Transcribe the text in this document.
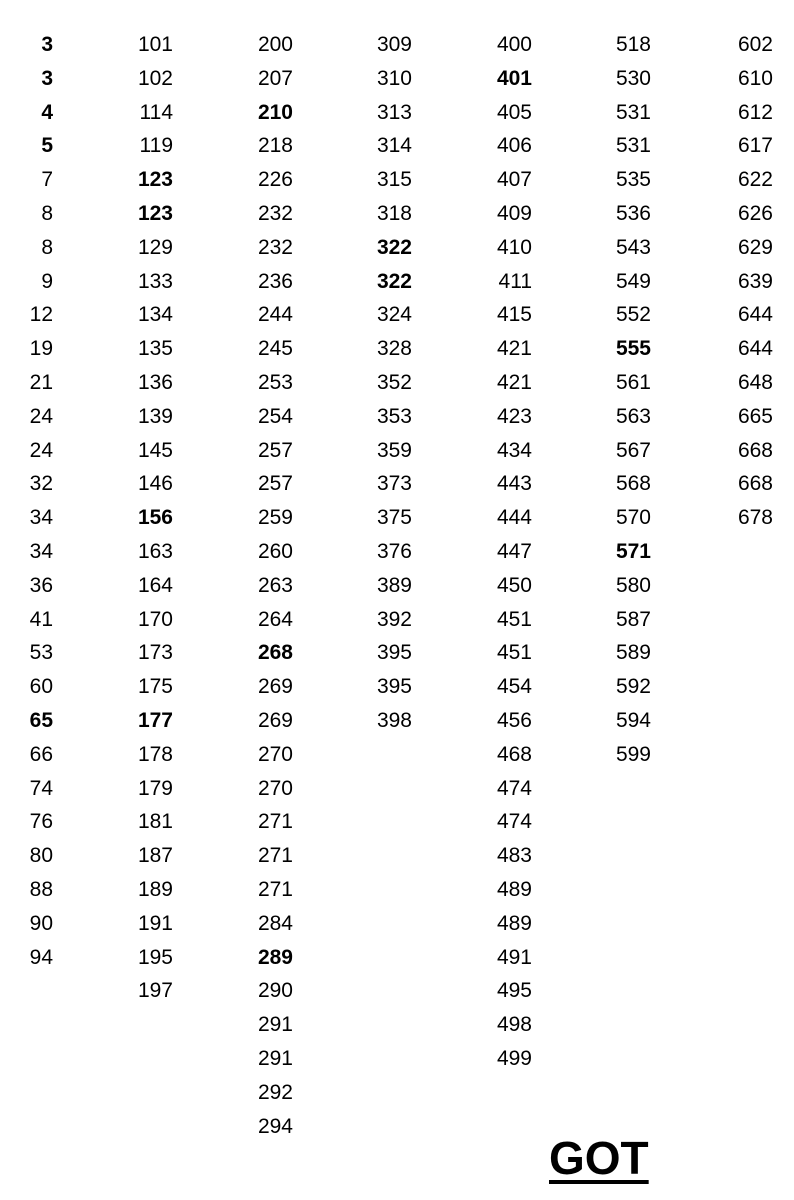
3
3
4
5
7
8
8
9
12
19
21
24
24
32
34
34
36
41
53
60
65
66
74
76
80
88
90
94
101
102
114
119
123
123
129
133
134
135
136
139
145
146
156
163
164
170
173
175
177
178
179
181
187
189
191
195
197
200
207
210
218
226
232
232
236
244
245
253
254
257
257
259
260
263
264
268
269
269
270
270
271
271
271
284
289
290
291
291
292
294
309
310
313
314
315
318
322
322
324
328
352
353
359
373
375
376
389
392
395
395
398
400
401
405
406
407
409
410
411
415
421
421
423
434
443
444
447
450
451
451
454
456
468
474
474
483
489
489
491
495
498
499
518
530
531
531
535
536
543
549
552
555
561
563
567
568
570
571
580
587
589
592
594
599
602
610
612
617
622
626
629
639
644
644
648
665
668
668
678
GOT
